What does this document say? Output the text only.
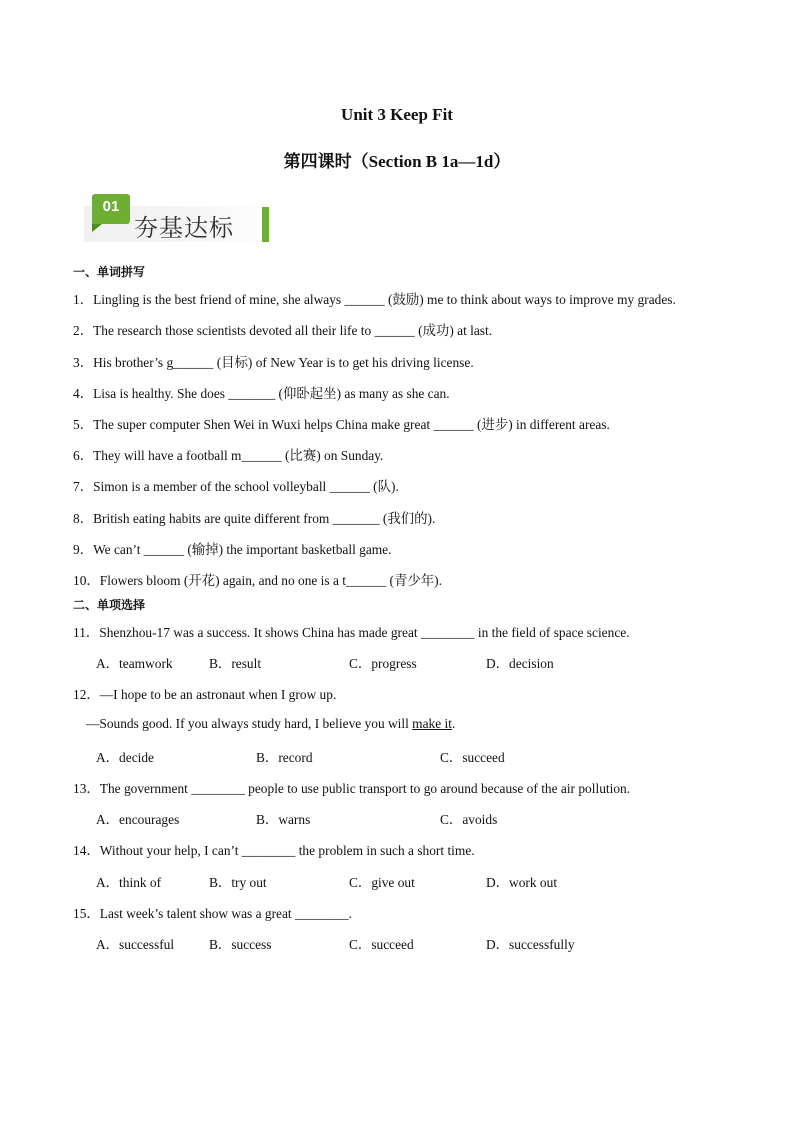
Unit 3 Keep Fit
第四课时（Section B 1a—1d）
01
夯基达标
一、单词拼写
1．Lingling is the best friend of mine, she always ______ (鼓励) me to think about ways to improve my grades.
2．The research those scientists devoted all their life to ______ (成功) at last.
3．His brother’s g______ (目标) of New Year is to get his driving license.
4．Lisa is healthy. She does _______ (仰卧起坐) as many as she can.
5．The super computer Shen Wei in Wuxi helps China make great ______ (进步) in different areas.
6．They will have a football m______ (比赛) on Sunday.
7．Simon is a member of the school volleyball ______ (队).
8．British eating habits are quite different from _______ (我们的).
9．We can’t ______ (输掉) the important basketball game.
10．Flowers bloom (开花) again, and no one is a t______ (青少年).
二、单项选择
11．Shenzhou-17 was a success. It shows China has made great ________ in the field of space science.
A．teamwork	B．result	C．progress	D．decision
12．—I hope to be an astronaut when I grow up.
—Sounds good. If you always study hard, I believe you will make it.
A．decide	B．record	C．succeed
13．The government ________ people to use public transport to go around because of the air pollution.
A．encourages	B．warns	C．avoids
14．Without your help, I can’t ________ the problem in such a short time.
A．think of	B．try out	C．give out	D．work out
15．Last week’s talent show was a great ________.
A．successful	B．success	C．succeed	D．successfully
